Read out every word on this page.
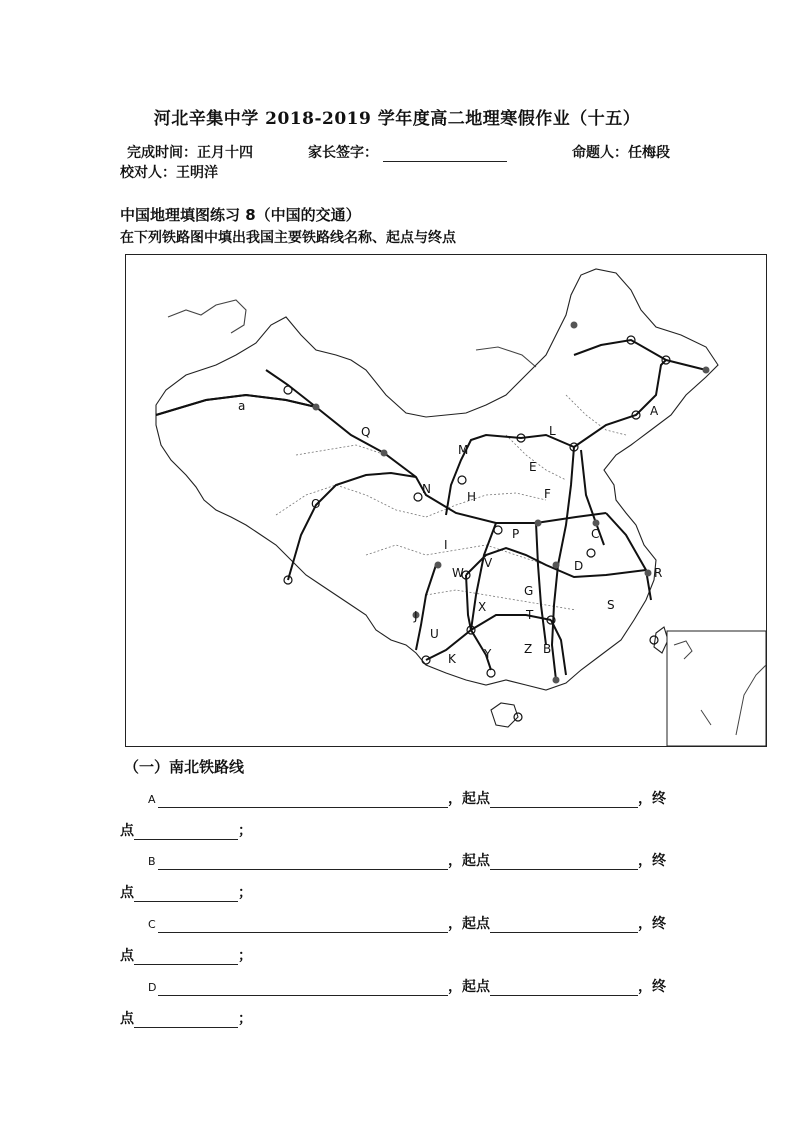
河北辛集中学 2018-2019 学年度高二地理寒假作业（十五）
完成时间：正月十四	家长签字：	命题人：任梅段
校对人：王明洋
中国地理填图练习 8（中国的交通）
在下列铁路图中填出我国主要铁路线名称、起点与终点
a
Q
O
N
H
M
L
E
F
A
P	C
I
W
V	D	R
G
J
X
T
S
U
K Y	Z B
（一）南北铁路线
A	，起点	，终
点	；
B	，起点	，终
点	；
C	，起点	，终
点	；
D	，起点	，终
点	；
